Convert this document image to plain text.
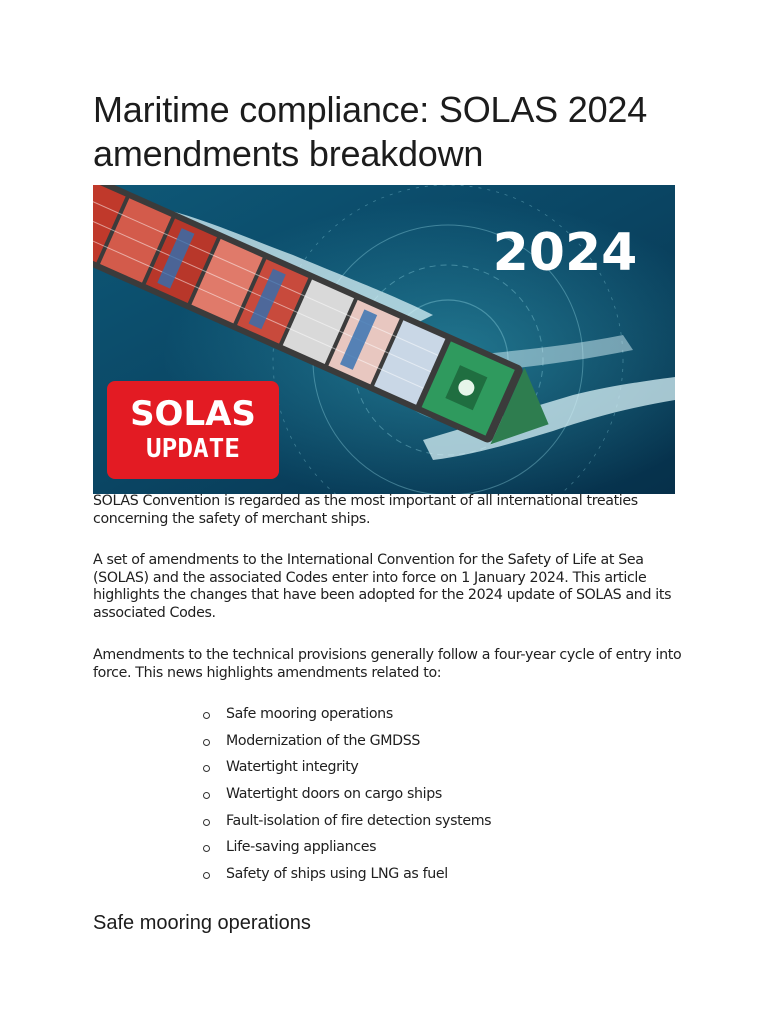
Maritime compliance: SOLAS 2024 amendments breakdown
2024
SOLAS
UPDATE

SOLAS Convention is regarded as the most important of all international treaties concerning the safety of merchant ships.

A set of amendments to the International Convention for the Safety of Life at Sea (SOLAS) and the associated Codes enter into force on 1 January 2024. This article highlights the changes that have been adopted for the 2024 update of SOLAS and its associated Codes.

Amendments to the technical provisions generally follow a four-year cycle of entry into force. This news highlights amendments related to:

Safe mooring operations
Modernization of the GMDSS
Watertight integrity
Watertight doors on cargo ships
Fault-isolation of fire detection systems
Life-saving appliances
Safety of ships using LNG as fuel
Safe mooring operations
